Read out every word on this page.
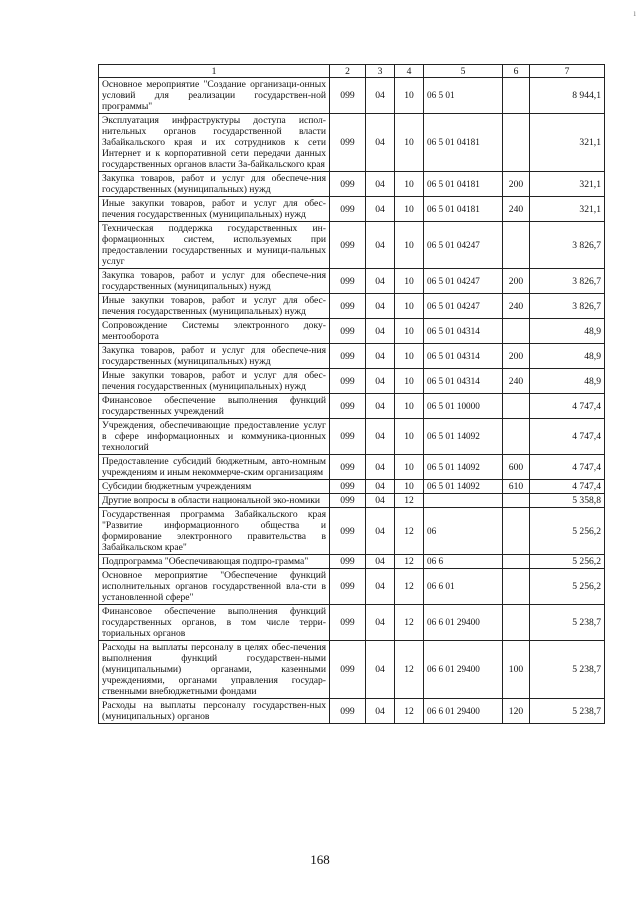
ı
1	2	3	4	5	6	7
Основное мероприятие "Создание организаци-онных условий для реализации государствен-ной программы"	099	04	10	06 5 01		8 944,1
Эксплуатация инфраструктуры доступа испол-нительных органов государственной власти Забайкальского края и их сотрудников к сети Интернет и к корпоративной сети передачи данных государственных органов власти За-байкальского края	099	04	10	06 5 01 04181		321,1
Закупка товаров, работ и услуг для обеспече-ния государственных (муниципальных) нужд	099	04	10	06 5 01 04181	200	321,1
Иные закупки товаров, работ и услуг для обес-печения государственных (муниципальных) нужд	099	04	10	06 5 01 04181	240	321,1
Техническая поддержка государственных ин-формационных систем, используемых при предоставлении государственных и муници-пальных услуг	099	04	10	06 5 01 04247		3 826,7
Закупка товаров, работ и услуг для обеспече-ния государственных (муниципальных) нужд	099	04	10	06 5 01 04247	200	3 826,7
Иные закупки товаров, работ и услуг для обес-печения государственных (муниципальных) нужд	099	04	10	06 5 01 04247	240	3 826,7
Сопровождение Системы электронного доку-ментооборота	099	04	10	06 5 01 04314		48,9
Закупка товаров, работ и услуг для обеспече-ния государственных (муниципальных) нужд	099	04	10	06 5 01 04314	200	48,9
Иные закупки товаров, работ и услуг для обес-печения государственных (муниципальных) нужд	099	04	10	06 5 01 04314	240	48,9
Финансовое обеспечение выполнения функций государственных учреждений	099	04	10	06 5 01 10000		4 747,4
Учреждения, обеспечивающие предоставление услуг в сфере информационных и коммуника-ционных технологий	099	04	10	06 5 01 14092		4 747,4
Предоставление субсидий бюджетным, авто-номным учреждениям и иным некоммерче-ским организациям	099	04	10	06 5 01 14092	600	4 747,4
Субсидии бюджетным учреждениям	099	04	10	06 5 01 14092	610	4 747,4
Другие вопросы в области национальной эко-номики	099	04	12			5 358,8
Государственная программа Забайкальского края "Развитие информационного общества и формирование электронного правительства в Забайкальском крае"	099	04	12	06		5 256,2
Подпрограмма "Обеспечивающая подпро-грамма"	099	04	12	06 6		5 256,2
Основное мероприятие "Обеспечение функций исполнительных органов государственной вла-сти в установленной сфере"	099	04	12	06 6 01		5 256,2
Финансовое обеспечение выполнения функций государственных органов, в том числе терри-ториальных органов	099	04	12	06 6 01 29400		5 238,7
Расходы на выплаты персоналу в целях обес-печения выполнения функций государствен-ными (муниципальными) органами, казенными учреждениями, органами управления государ-ственными внебюджетными фондами	099	04	12	06 6 01 29400	100	5 238,7
Расходы на выплаты персоналу государствен-ных (муниципальных) органов	099	04	12	06 6 01 29400	120	5 238,7
168
